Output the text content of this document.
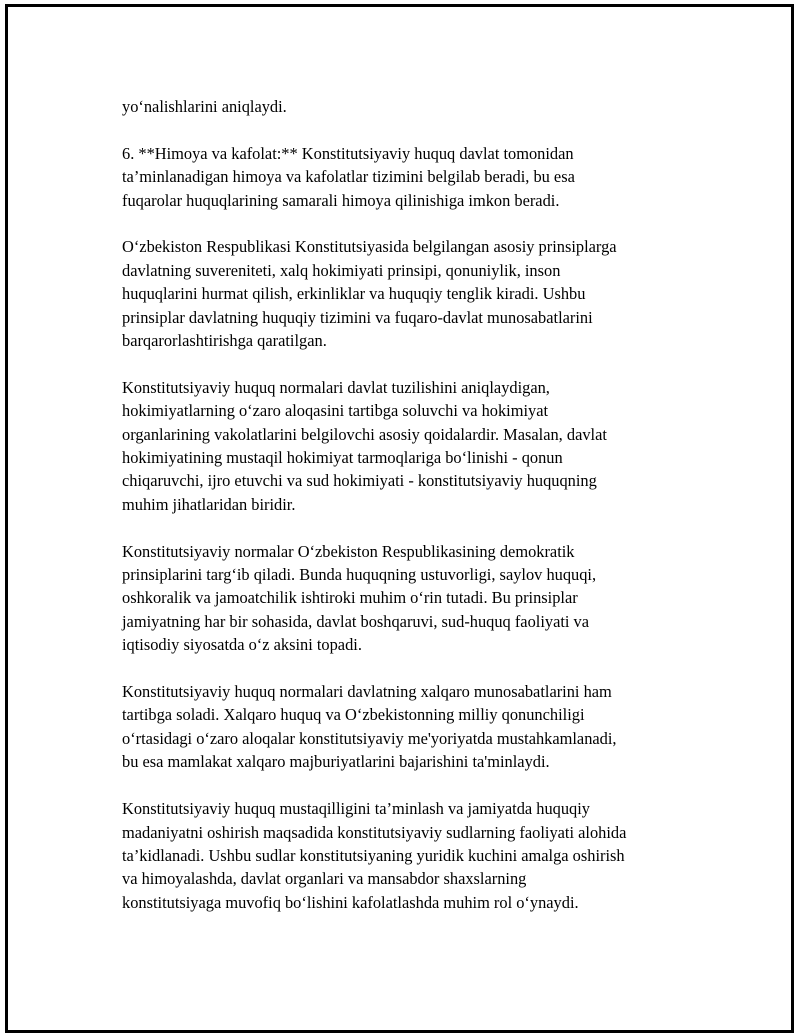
yo‘nalishlarini aniqlaydi.

6. **Himoya va kafolat:** Konstitutsiyaviy huquq davlat tomonidan
ta’minlanadigan himoya va kafolatlar tizimini belgilab beradi, bu esa
fuqarolar huquqlarining samarali himoya qilinishiga imkon beradi.

O‘zbekiston Respublikasi Konstitutsiyasida belgilangan asosiy prinsiplarga
davlatning suvereniteti, xalq hokimiyati prinsipi, qonuniylik, inson
huquqlarini hurmat qilish, erkinliklar va huquqiy tenglik kiradi. Ushbu
prinsiplar davlatning huquqiy tizimini va fuqaro-davlat munosabatlarini
barqarorlashtirishga qaratilgan.

Konstitutsiyaviy huquq normalari davlat tuzilishini aniqlaydigan,
hokimiyatlarning o‘zaro aloqasini tartibga soluvchi va hokimiyat
organlarining vakolatlarini belgilovchi asosiy qoidalardir. Masalan, davlat
hokimiyatining mustaqil hokimiyat tarmoqlariga bo‘linishi - qonun
chiqaruvchi, ijro etuvchi va sud hokimiyati - konstitutsiyaviy huquqning
muhim jihatlaridan biridir.

Konstitutsiyaviy normalar O‘zbekiston Respublikasining demokratik
prinsiplarini targ‘ib qiladi. Bunda huquqning ustuvorligi, saylov huquqi,
oshkoralik va jamoatchilik ishtiroki muhim o‘rin tutadi. Bu prinsiplar
jamiyatning har bir sohasida, davlat boshqaruvi, sud-huquq faoliyati va
iqtisodiy siyosatda o‘z aksini topadi.

Konstitutsiyaviy huquq normalari davlatning xalqaro munosabatlarini ham
tartibga soladi. Xalqaro huquq va O‘zbekistonning milliy qonunchiligi
o‘rtasidagi o‘zaro aloqalar konstitutsiyaviy me'yoriyatda mustahkamlanadi,
bu esa mamlakat xalqaro majburiyatlarini bajarishini ta'minlaydi.

Konstitutsiyaviy huquq mustaqilligini ta’minlash va jamiyatda huquqiy
madaniyatni oshirish maqsadida konstitutsiyaviy sudlarning faoliyati alohida
ta’kidlanadi. Ushbu sudlar konstitutsiyaning yuridik kuchini amalga oshirish
va himoyalashda, davlat organlari va mansabdor shaxslarning
konstitutsiyaga muvofiq bo‘lishini kafolatlashda muhim rol o‘ynaydi.
